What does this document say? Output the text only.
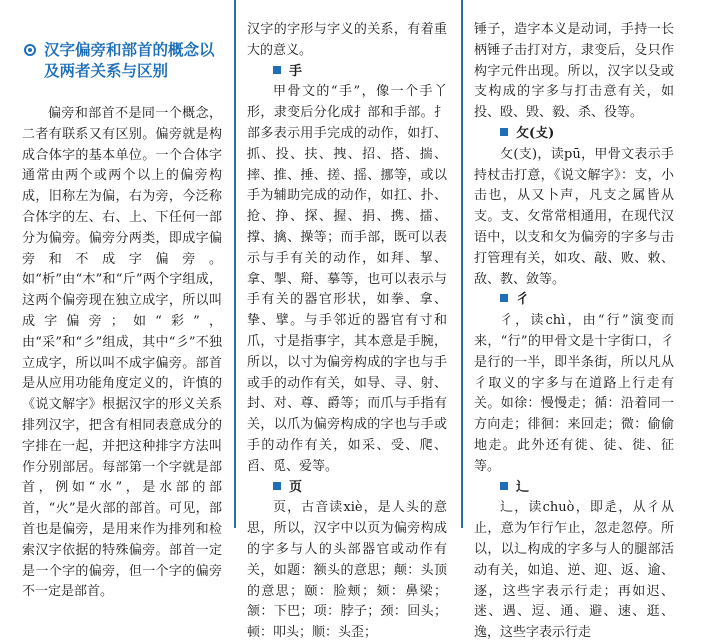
汉字偏旁和部首的概念以
及两者关系与区别

偏旁和部首不是同一个概念，二者有联系又有区别。偏旁就是构成合体字的基本单位。一个合体字通常由两个或两个以上的偏旁构成，旧称左为偏，右为旁，今泛称合体字的左、右、上、下任何一部分为偏旁。偏旁分两类，即成字偏旁和不成字偏旁。如“析”由“木”和“斤”两个字组成，这两个偏旁现在独立成字，所以叫成字偏旁；如“彩”，由“采”和“彡”组成，其中“彡”不独立成字，所以叫不成字偏旁。部首是从应用功能角度定义的，许慎的《说文解字》根据汉字的形义关系排列汉字，把含有相同表意成分的字排在一起，并把这种排字方法叫作分别部居。每部第一个字就是部首，例如“水”，是水部的部首，“火”是火部的部首。可见，部首也是偏旁，是用来作为排列和检索汉字依据的特殊偏旁。部首一定是一个字的偏旁，但一个字的偏旁不一定是部首。

汉字的字形与字义的关系，有着重大的意义。

手

甲骨文的“手”，像一个手丫形，隶变后分化成扌部和手部。扌部多表示用手完成的动作，如打、抓、投、扶、拽、招、搭、揣、摔、推、捶、搓、摇、挪等，或以手为辅助完成的动作，如扛、扑、抢、挣、探、握、捐、携、擂、撑、擒、操等；而手部，既可以表示与手有关的动作，如拜、挈、拿、掣、搿、摹等，也可以表示与手有关的器官形状，如拳、拿、挚、擘。与手邻近的器官有寸和爪，寸是指事字，其本意是手腕，所以，以寸为偏旁构成的字也与手或手的动作有关，如导、寻、射、封、对、尊、爵等；而爪与手指有关，以爪为偏旁构成的字也与手或手的动作有关，如采、受、爬、舀、觅、爱等。

页

页，古音读xiè，是人头的意思，所以，汉字中以页为偏旁构成的字多与人的头部器官或动作有关，如题：额头的意思；颠：头顶的意思；颐：脸颊；颏：鼻梁；颔：下巴；项：脖子；颈：回头；顿：叩头；顺：头歪；

锤子，造字本义是动词，手持一长柄锤子击打对方，隶变后，殳只作构字元件出现。所以，汉字以殳或支构成的字多与打击意有关，如投、殴、毁、毅、杀、役等。

攵(攴)

攵(支)，读pū，甲骨文表示手持杖击打意，《说文解字》：支，小击也，从又卜声，凡支之属皆从支。支、攵常常相通用，在现代汉语中，以支和攵为偏旁的字多与击打管理有关，如攻、敲、败、敕、敌、教、敛等。

彳

彳，读chì，由“行”演变而来，“行”的甲骨文是十字街口，彳是行的一半，即半条街，所以凡从彳取义的字多与在道路上行走有关。如徐：慢慢走；循：沿着同一方向走；徘徊：来回走；微：偷偷地走。此外还有徙、徒、徙、征等。

辶

辶，读chuò，即辵，从彳从止，意为乍行乍止，忽走忽停。所以，以辶构成的字多与人的腿部活动有关，如追、逆、迎、返、逾、逐，这些字表示行走；再如迟、迷、遇、逗、通、避、速、逛、逸，这些字表示行走
